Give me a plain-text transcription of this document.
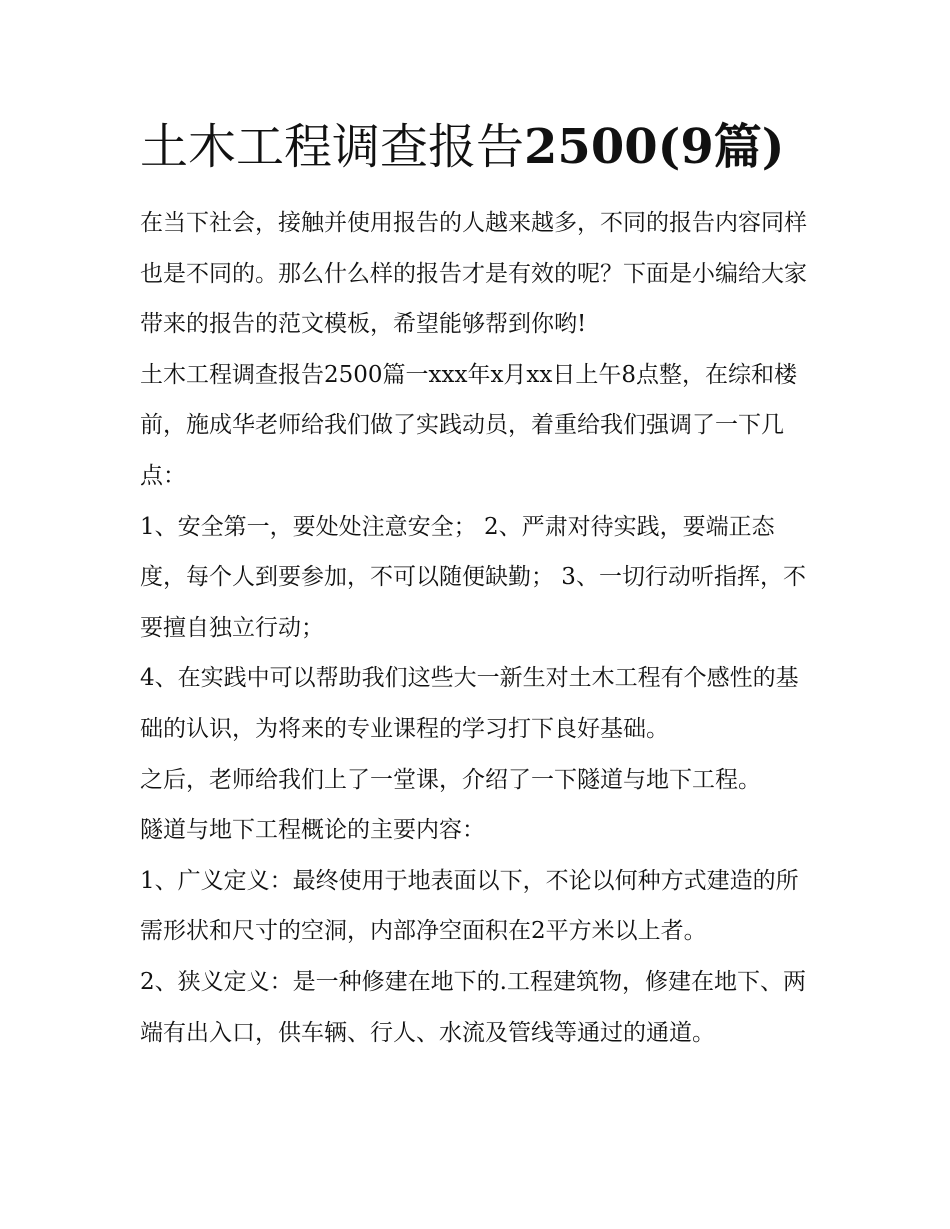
土木工程调查报告2500(9篇)

在当下社会，接触并使用报告的人越来越多，不同的报告内容同样也是不同的。那么什么样的报告才是有效的呢？下面是小编给大家带来的报告的范文模板，希望能够帮到你哟!

土木工程调查报告2500篇一xxx年x月xx日上午8点整，在综和楼前，施成华老师给我们做了实践动员，着重给我们强调了一下几点：

1、安全第一，要处处注意安全； 2、严肃对待实践，要端正态度，每个人到要参加，不可以随便缺勤； 3、一切行动听指挥，不要擅自独立行动；

4、在实践中可以帮助我们这些大一新生对土木工程有个感性的基础的认识，为将来的专业课程的学习打下良好基础。

之后，老师给我们上了一堂课，介绍了一下隧道与地下工程。

隧道与地下工程概论的主要内容：

1、广义定义：最终使用于地表面以下，不论以何种方式建造的所需形状和尺寸的空洞，内部净空面积在2平方米以上者。

2、狭义定义：是一种修建在地下的.工程建筑物，修建在地下、两端有出入口，供车辆、行人、水流及管线等通过的通道。
